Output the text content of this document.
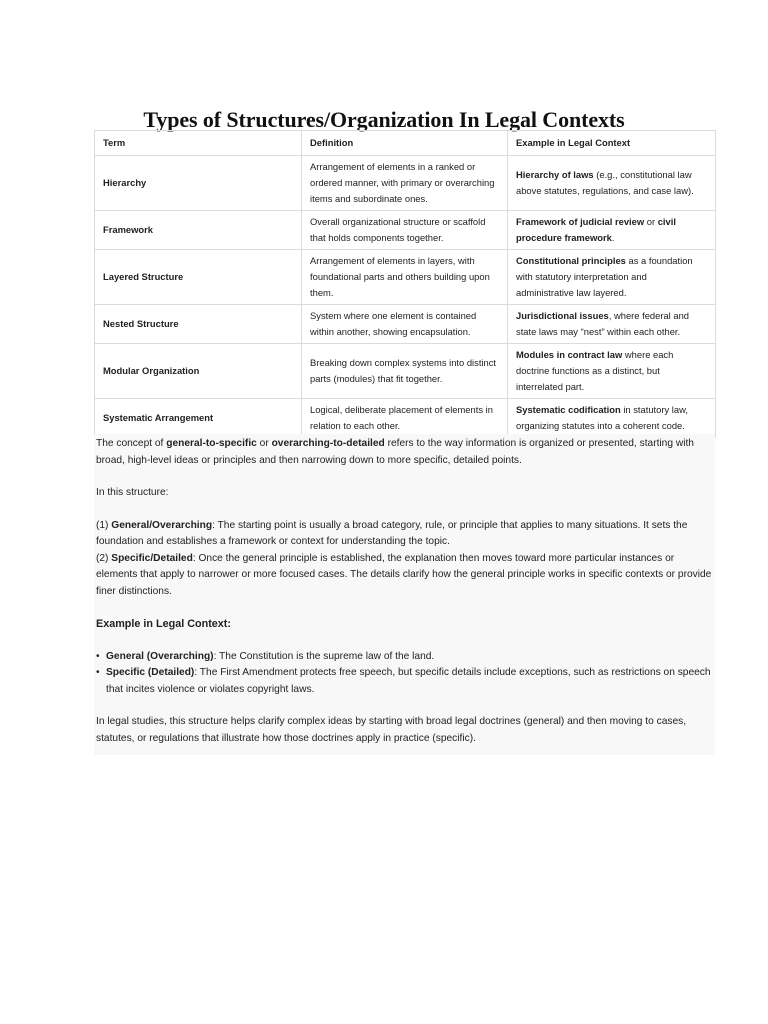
Types of Structures/Organization In Legal Contexts
Term	Definition	Example in Legal Context
Hierarchy	Arrangement of elements in a ranked or ordered manner, with primary or overarching items and subordinate ones.	Hierarchy of laws (e.g., constitutional law above statutes, regulations, and case law).
Framework	Overall organizational structure or scaffold that holds components together.	Framework of judicial review or civil procedure framework.
Layered Structure	Arrangement of elements in layers, with foundational parts and others building upon them.	Constitutional principles as a foundation with statutory interpretation and administrative law layered.
Nested Structure	System where one element is contained within another, showing encapsulation.	Jurisdictional issues, where federal and state laws may “nest” within each other.
Modular Organization	Breaking down complex systems into distinct parts (modules) that fit together.	Modules in contract law where each doctrine functions as a distinct, but interrelated part.
Systematic Arrangement	Logical, deliberate placement of elements in relation to each other.	Systematic codification in statutory law, organizing statutes into a coherent code.

The concept of general-to-specific or overarching-to-detailed refers to the way information is organized or presented, starting with broad, high-level ideas or principles and then narrowing down to more specific, detailed points.

In this structure:

(1) General/Overarching: The starting point is usually a broad category, rule, or principle that applies to many situations. It sets the foundation and establishes a framework or context for understanding the topic.

(2) Specific/Detailed: Once the general principle is established, the explanation then moves toward more particular instances or elements that apply to narrower or more focused cases. The details clarify how the general principle works in specific contexts or provide finer distinctions.

Example in Legal Context:

• General (Overarching): The Constitution is the supreme law of the land.
• Specific (Detailed): The First Amendment protects free speech, but specific details include exceptions, such as restrictions on speech that incites violence or violates copyright laws.

In legal studies, this structure helps clarify complex ideas by starting with broad legal doctrines (general) and then moving to cases, statutes, or regulations that illustrate how those doctrines apply in practice (specific).
